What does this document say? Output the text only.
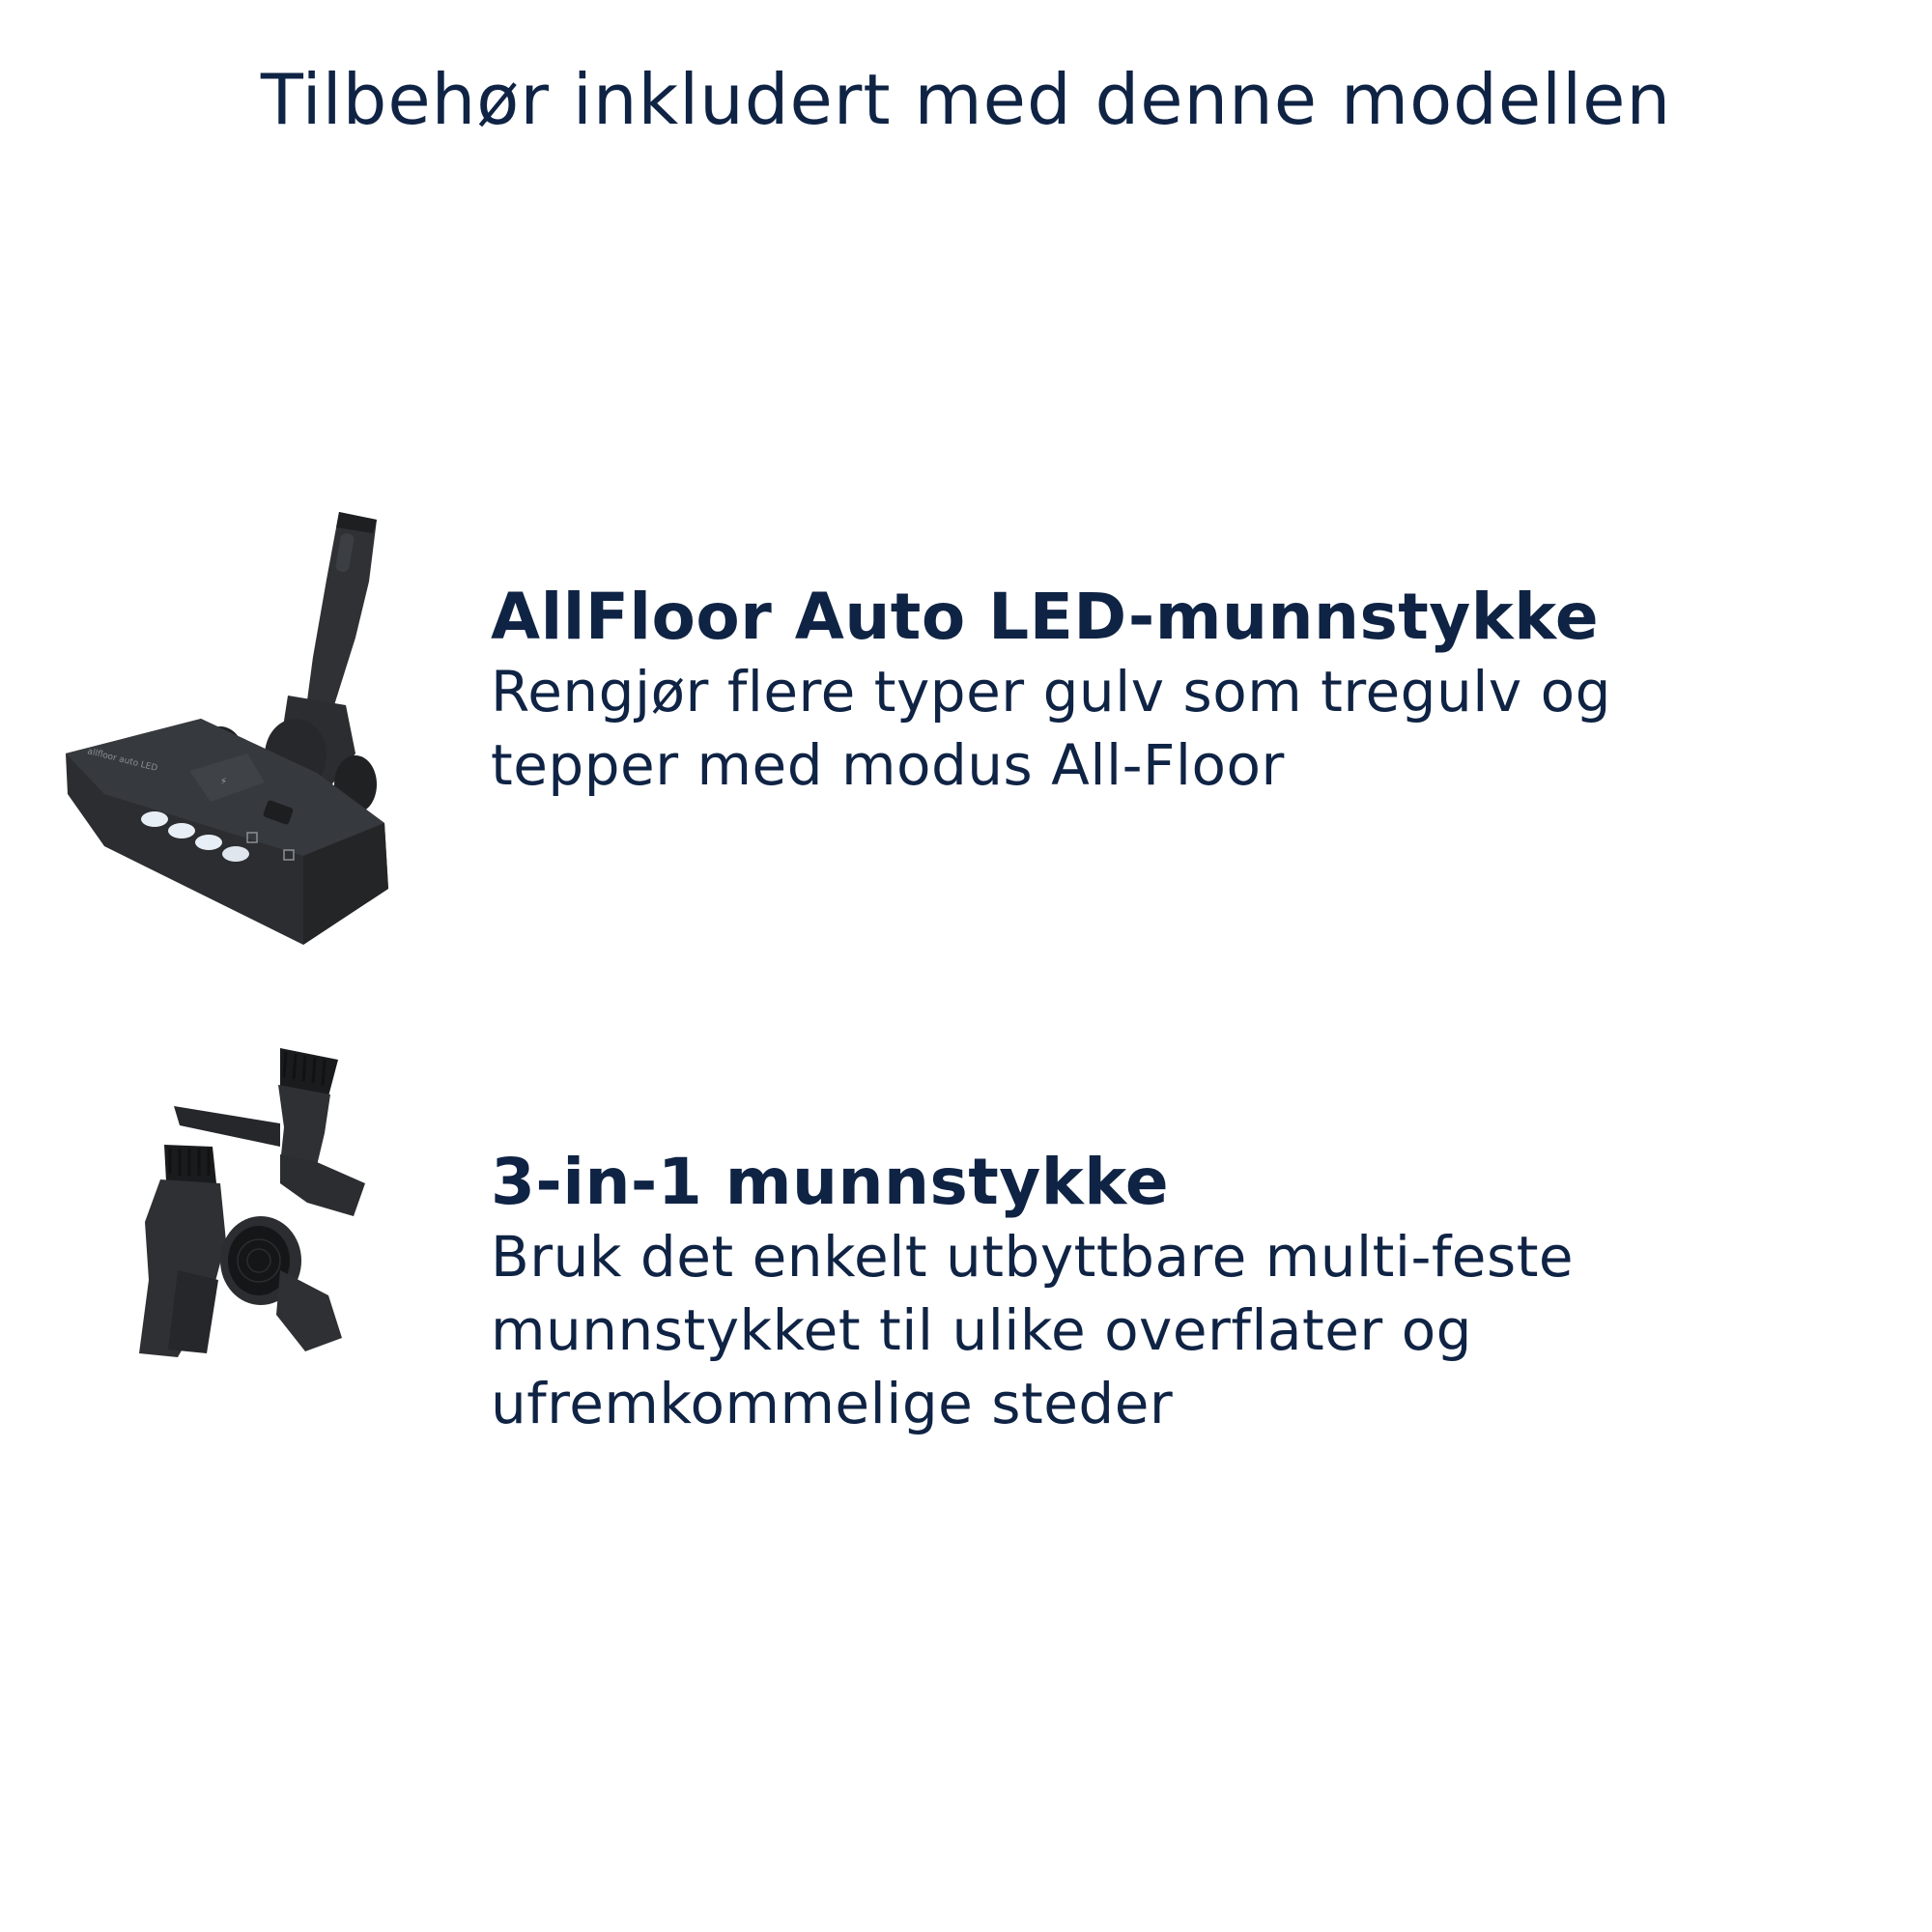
Tilbehør inkludert med denne modellen
⚡
allfloor auto LED
AllFloor Auto LED-munnstykke

Rengjør flere typer gulv som tregulv og

tepper med modus All-Floor

3-in-1 munnstykke

Bruk det enkelt utbyttbare multi-feste

munnstykket til ulike overflater og

ufremkommelige steder
